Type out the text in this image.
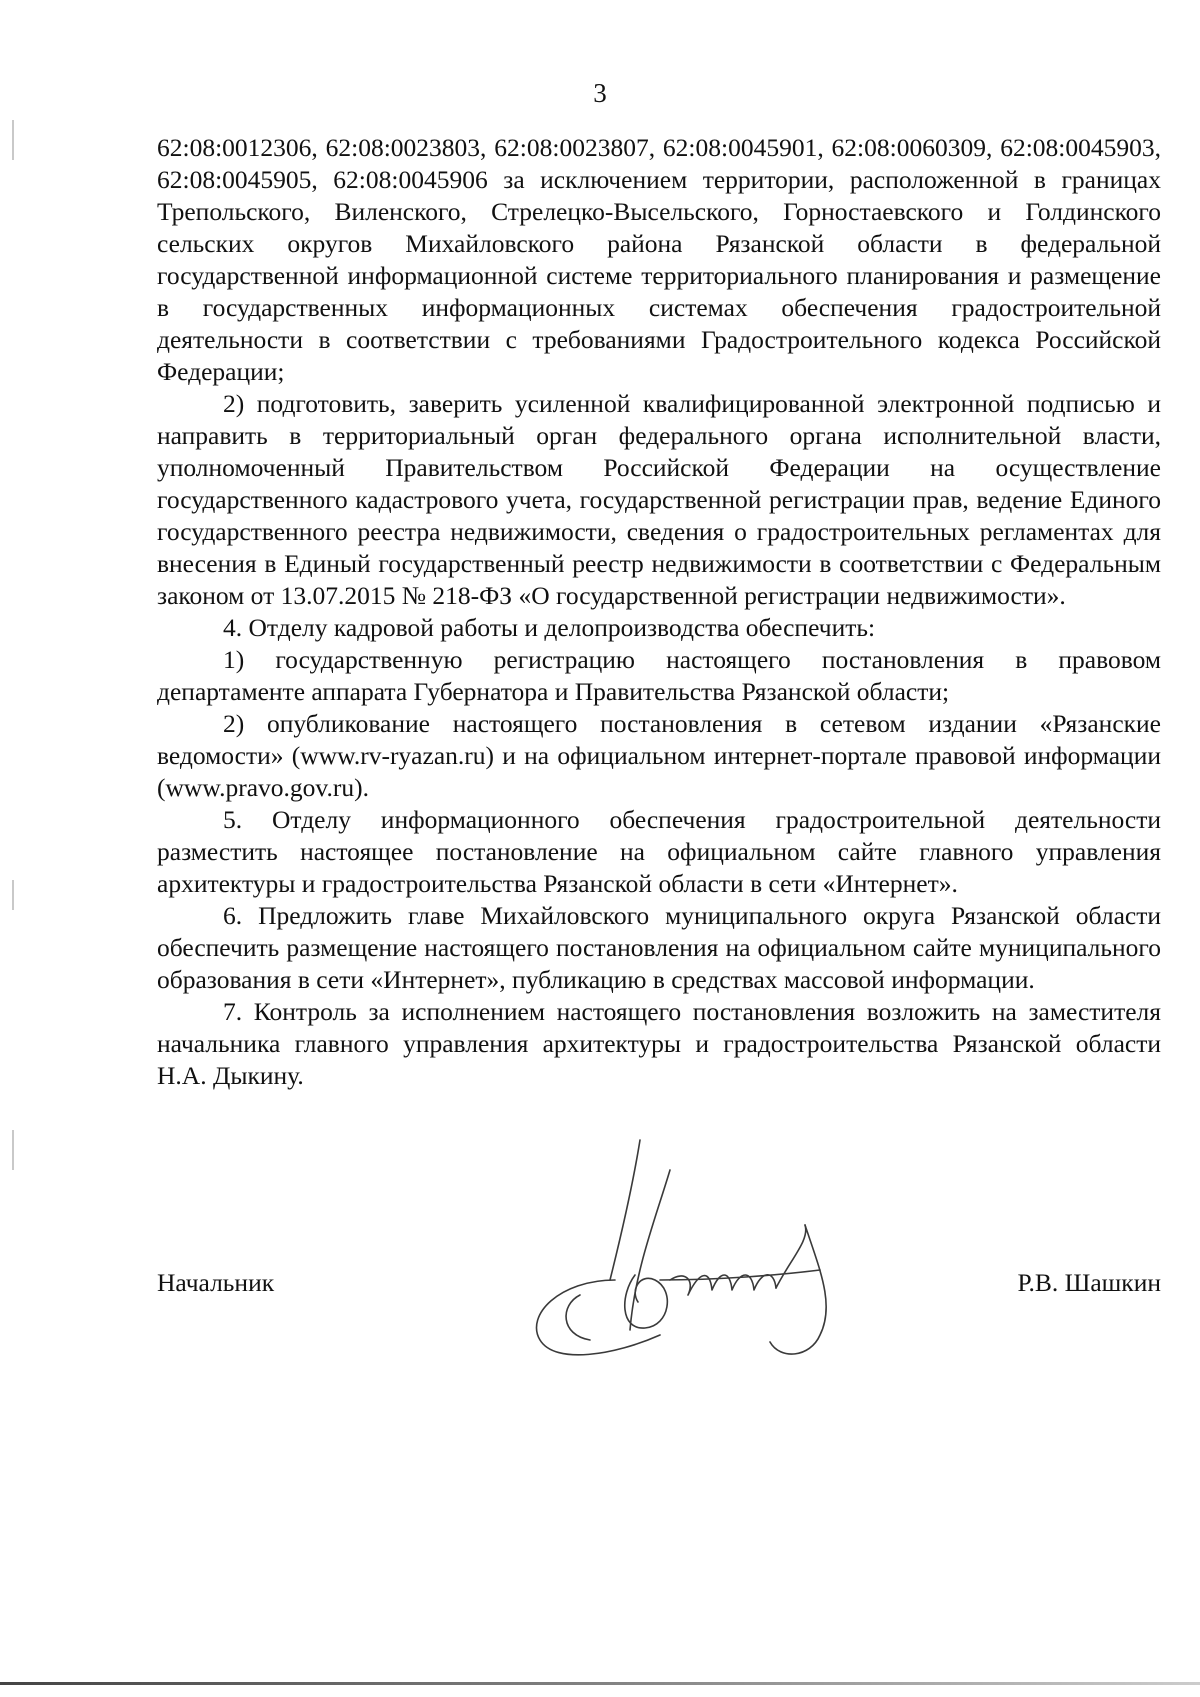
3

62:08:0012306, 62:08:0023803, 62:08:0023807, 62:08:0045901, 62:08:0060309, 62:08:0045903, 62:08:0045905, 62:08:0045906 за исключением территории, расположенной в границах Трепольского, Виленского, Стрелецко-Высельского, Горностаевского и Голдинского сельских округов Михайловского района Рязанской области в федеральной государственной информационной системе территориального планирования и размещение в государственных информационных системах обеспечения градостроительной деятельности в соответствии с требованиями Градостроительного кодекса Российской Федерации;

2) подготовить, заверить усиленной квалифицированной электронной подписью и направить в территориальный орган федерального органа исполнительной власти, уполномоченный Правительством Российской Федерации на осуществление государственного кадастрового учета, государственной регистрации прав, ведение Единого государственного реестра недвижимости, сведения о градостроительных регламентах для внесения в Единый государственный реестр недвижимости в соответствии с Федеральным законом от 13.07.2015 № 218-ФЗ «О государственной регистрации недвижимости».

4. Отделу кадровой работы и делопроизводства обеспечить:

1) государственную регистрацию настоящего постановления в правовом департаменте аппарата Губернатора и Правительства Рязанской области;

2) опубликование настоящего постановления в сетевом издании «Рязанские ведомости» (www.rv-ryazan.ru) и на официальном интернет-портале правовой информации (www.pravo.gov.ru).

5. Отделу информационного обеспечения градостроительной деятельности разместить настоящее постановление на официальном сайте главного управления архитектуры и градостроительства Рязанской области в сети «Интернет».

6. Предложить главе Михайловского муниципального округа Рязанской области обеспечить размещение настоящего постановления на официальном сайте муниципального образования в сети «Интернет», публикацию в средствах массовой информации.

7. Контроль за исполнением настоящего постановления возложить на заместителя начальника главного управления архитектуры и градостроительства Рязанской области Н.А. Дыкину.

Начальник	Р.В. Шашкин
